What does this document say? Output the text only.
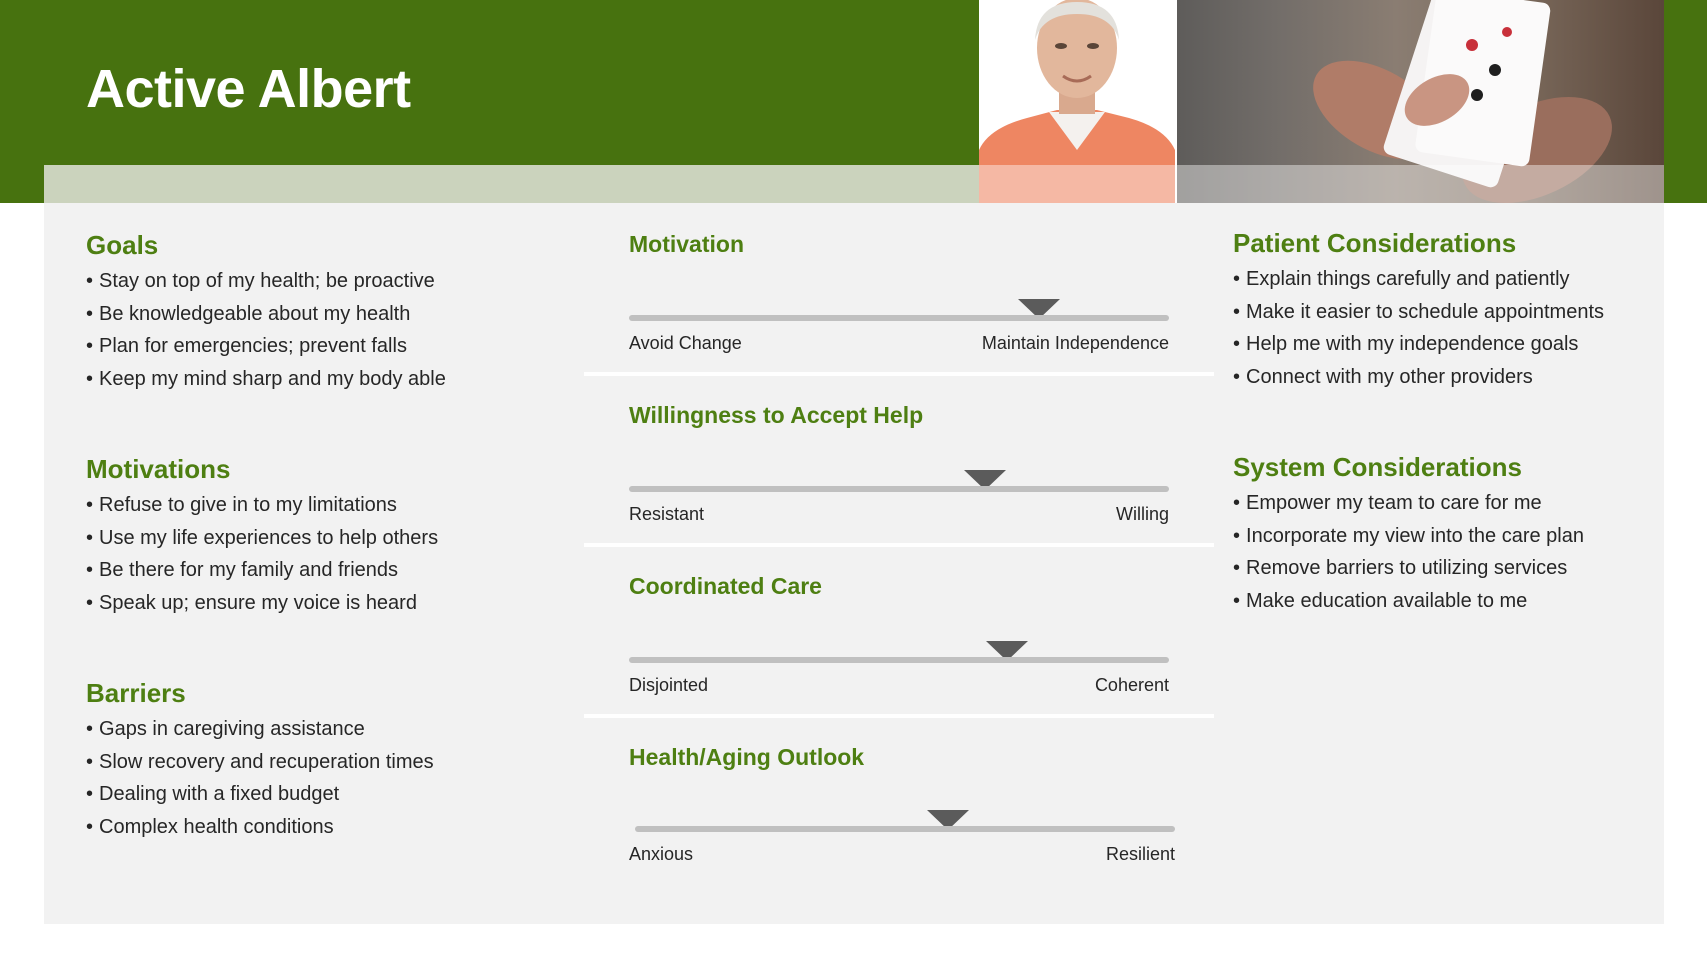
Active Albert
Goals
• Stay on top of my health; be proactive
• Be knowledgeable about my health
• Plan for emergencies; prevent falls
• Keep my mind sharp and my body able
Motivations
• Refuse to give in to my limitations
• Use my life experiences to help others
• Be there for my family and friends
• Speak up; ensure my voice is heard
Barriers
• Gaps in caregiving assistance
• Slow recovery and recuperation times
• Dealing with a fixed budget
• Complex health conditions
Motivation
Avoid Change	Maintain Independence
Willingness to Accept Help
Resistant	Willing
Coordinated Care
Disjointed	Coherent
Health/Aging Outlook
Anxious	Resilient
Patient Considerations
• Explain things carefully and patiently
• Make it easier to schedule appointments
• Help me with my independence goals
• Connect with my other providers
System Considerations
• Empower my team to care for me
• Incorporate my view into the care plan
• Remove barriers to utilizing services
• Make education available to me
